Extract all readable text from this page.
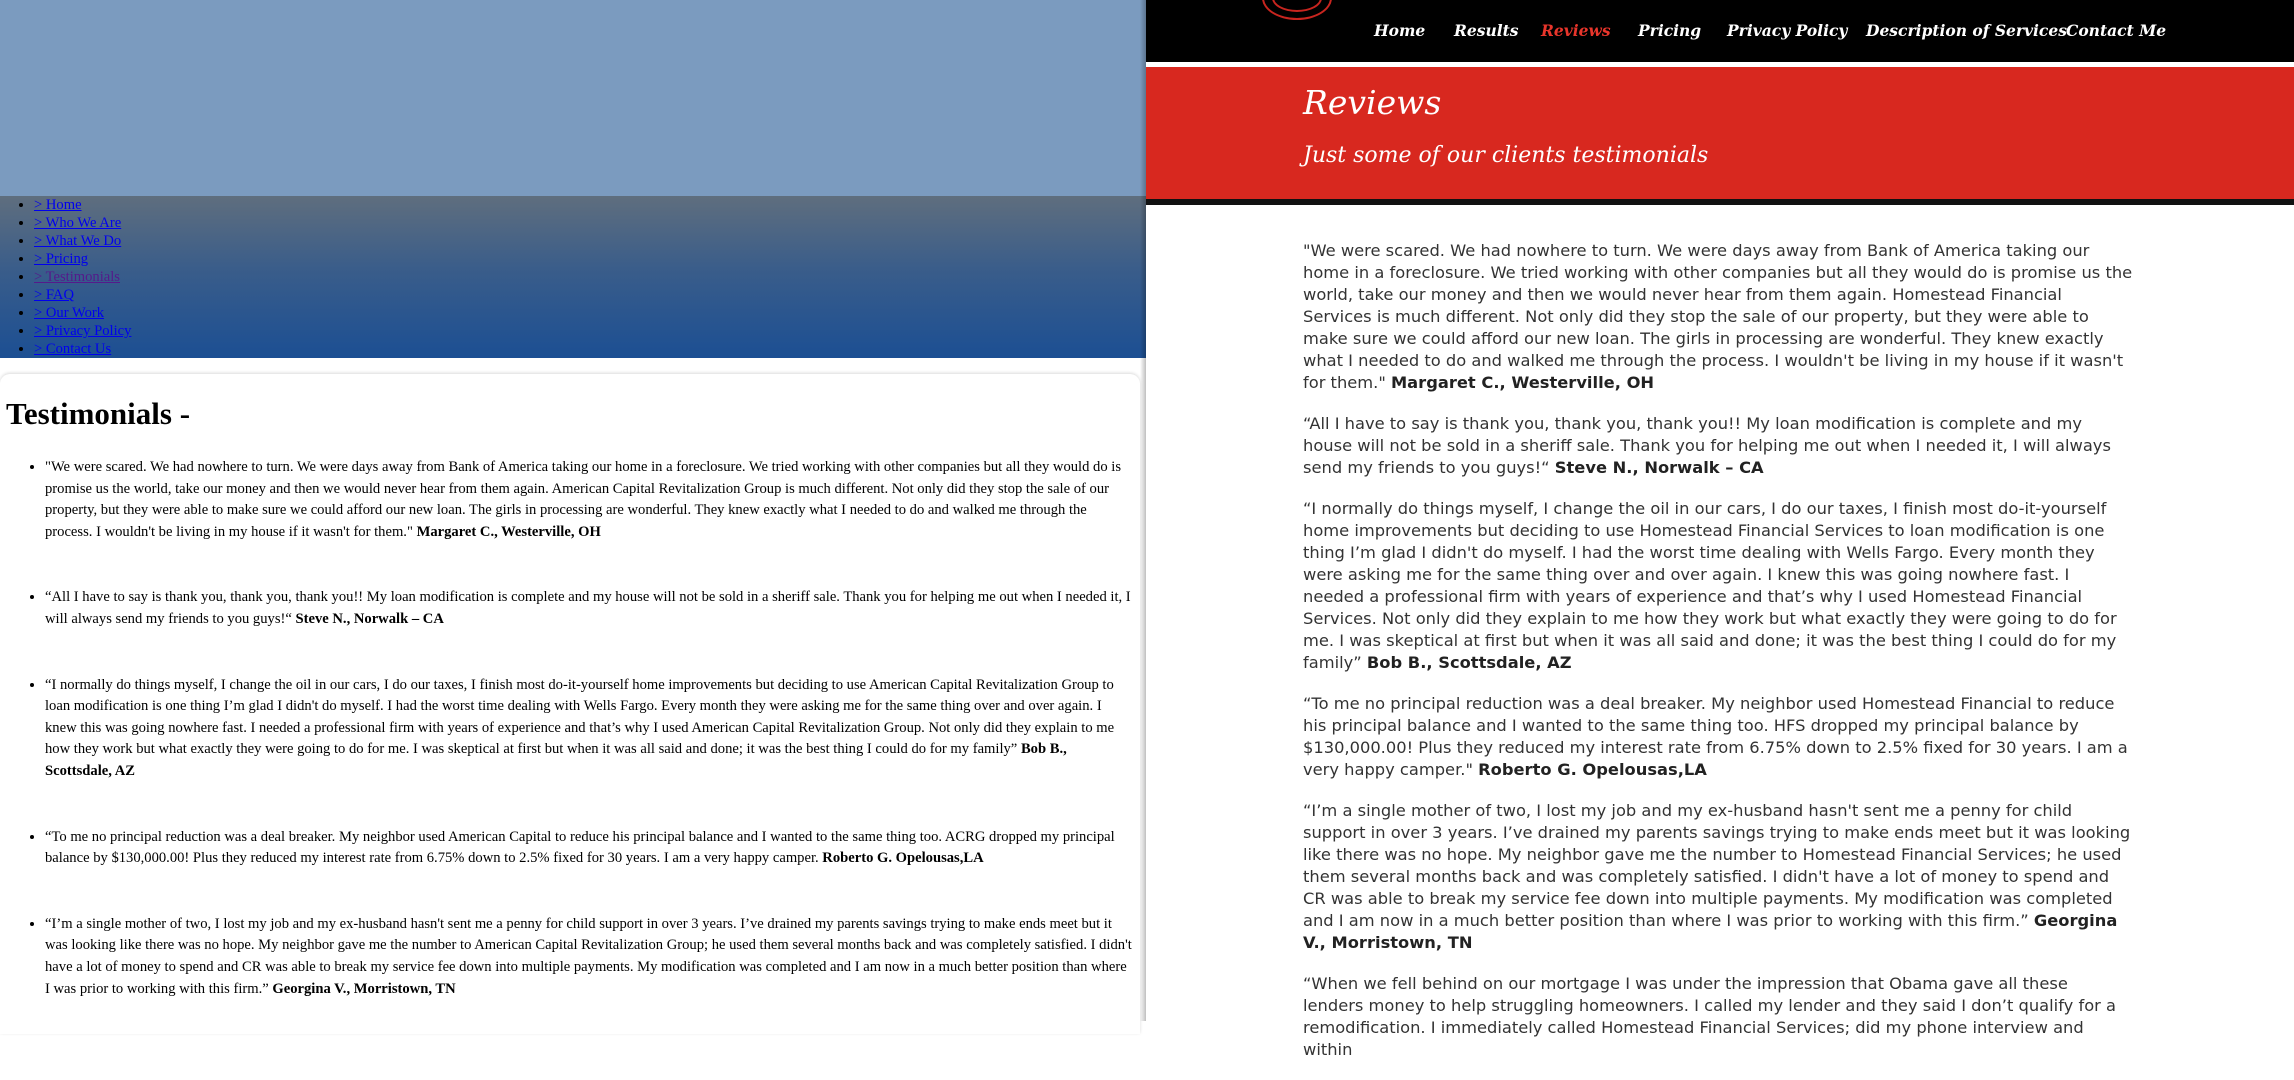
• > Home
• > Who We Are
• > What We Do
• > Pricing
• > Testimonials
• > FAQ
• > Our Work
• > Privacy Policy
• > Contact Us
Testimonials -
• "We were scared. We had nowhere to turn. We were days away from Bank of America taking our home in a foreclosure. We tried working with other companies but all they would do is promise us the world, take our money and then we would never hear from them again. American Capital Revitalization Group is much different. Not only did they stop the sale of our property, but they were able to make sure we could afford our new loan. The girls in processing are wonderful. They knew exactly what I needed to do and walked me through the process. I wouldn't be living in my house if it wasn't for them." Margaret C., Westerville, OH
• “All I have to say is thank you, thank you, thank you!! My loan modification is complete and my house will not be sold in a sheriff sale. Thank you for helping me out when I needed it, I will always send my friends to you guys!“ Steve N., Norwalk – CA
• “I normally do things myself, I change the oil in our cars, I do our taxes, I finish most do-it-yourself home improvements but deciding to use American Capital Revitalization Group to loan modification is one thing I’m glad I didn't do myself. I had the worst time dealing with Wells Fargo. Every month they were asking me for the same thing over and over again. I knew this was going nowhere fast. I needed a professional firm with years of experience and that’s why I used American Capital Revitalization Group. Not only did they explain to me how they work but what exactly they were going to do for me. I was skeptical at first but when it was all said and done; it was the best thing I could do for my family” Bob B., Scottsdale, AZ
• “To me no principal reduction was a deal breaker. My neighbor used American Capital to reduce his principal balance and I wanted to the same thing too. ACRG dropped my principal balance by $130,000.00! Plus they reduced my interest rate from 6.75% down to 2.5% fixed for 30 years. I am a very happy camper. Roberto G. Opelousas,LA
• “I’m a single mother of two, I lost my job and my ex-husband hasn't sent me a penny for child support in over 3 years. I’ve drained my parents savings trying to make ends meet but it was looking like there was no hope. My neighbor gave me the number to American Capital Revitalization Group; he used them several months back and was completely satisfied. I didn't have a lot of money to spend and CR was able to break my service fee down into multiple payments. My modification was completed and I am now in a much better position than where I was prior to working with this firm.” Georgina V., Morristown, TN
Home Results Reviews Pricing Privacy Policy Description of Services Contact Me
Reviews
Just some of our clients testimonials

"We were scared. We had nowhere to turn. We were days away from Bank of America taking our home in a foreclosure. We tried working with other companies but all they would do is promise us the world, take our money and then we would never hear from them again. Homestead Financial Services is much different. Not only did they stop the sale of our property, but they were able to make sure we could afford our new loan. The girls in processing are wonderful. They knew exactly what I needed to do and walked me through the process. I wouldn't be living in my house if it wasn't for them." Margaret C., Westerville, OH

“All I have to say is thank you, thank you, thank you!! My loan modification is complete and my house will not be sold in a sheriff sale. Thank you for helping me out when I needed it, I will always send my friends to you guys!“ Steve N., Norwalk – CA

“I normally do things myself, I change the oil in our cars, I do our taxes, I finish most do-it-yourself home improvements but deciding to use Homestead Financial Services to loan modification is one thing I’m glad I didn't do myself. I had the worst time dealing with Wells Fargo. Every month they were asking me for the same thing over and over again. I knew this was going nowhere fast. I needed a professional firm with years of experience and that’s why I used Homestead Financial Services. Not only did they explain to me how they work but what exactly they were going to do for me. I was skeptical at first but when it was all said and done; it was the best thing I could do for my family” Bob B., Scottsdale, AZ

“To me no principal reduction was a deal breaker. My neighbor used Homestead Financial to reduce his principal balance and I wanted to the same thing too. HFS dropped my principal balance by $130,000.00! Plus they reduced my interest rate from 6.75% down to 2.5% fixed for 30 years. I am a very happy camper." Roberto G. Opelousas,LA

“I’m a single mother of two, I lost my job and my ex-husband hasn't sent me a penny for child support in over 3 years. I’ve drained my parents savings trying to make ends meet but it was looking like there was no hope. My neighbor gave me the number to Homestead Financial Services; he used them several months back and was completely satisfied. I didn't have a lot of money to spend and CR was able to break my service fee down into multiple payments. My modification was completed and I am now in a much better position than where I was prior to working with this firm.” Georgina V., Morristown, TN

“When we fell behind on our mortgage I was under the impression that Obama gave all these lenders money to help struggling homeowners. I called my lender and they said I don’t qualify for a remodification. I immediately called Homestead Financial Services; did my phone interview and within
